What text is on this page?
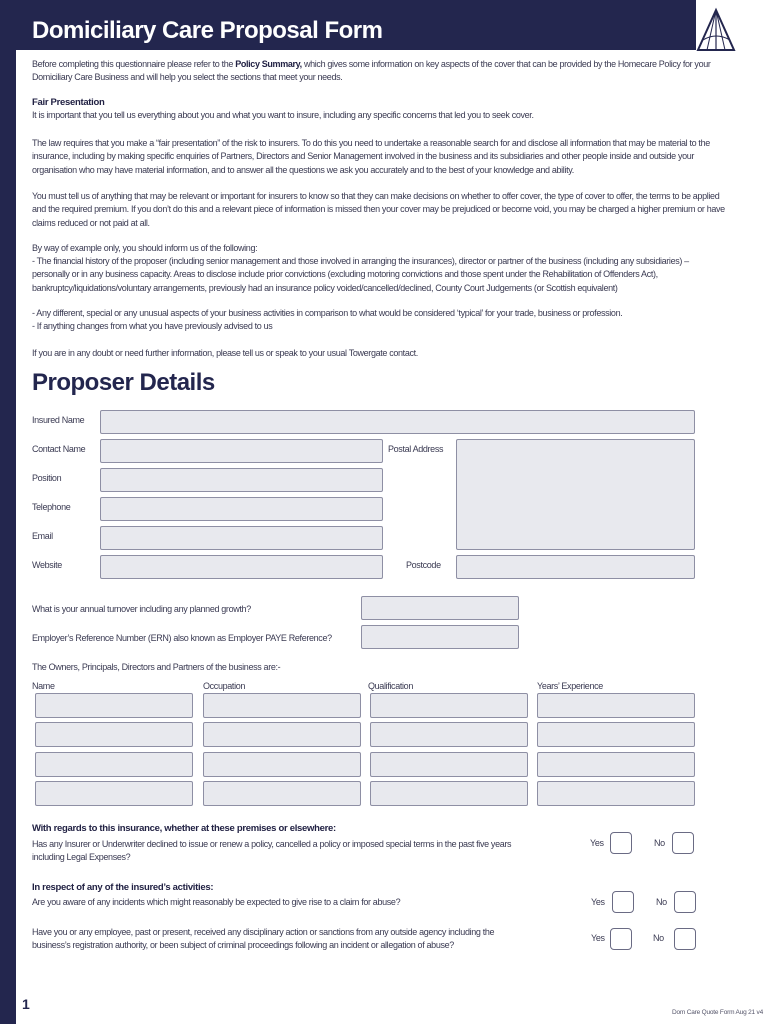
Domiciliary Care Proposal Form
Before completing this questionnaire please refer to the Policy Summary, which gives some information on key aspects of the cover that can be provided by the Homecare Policy for your Domiciliary Care Business and will help you select the sections that meet your needs.
Fair Presentation
It is important that you tell us everything about you and what you want to insure, including any specific concerns that led you to seek cover.
The law requires that you make a “fair presentation” of the risk to insurers. To do this you need to undertake a reasonable search for and disclose all information that may be material to the insurance, including by making specific enquiries of Partners, Directors and Senior Management involved in the business and its subsidiaries and other people inside and outside your organisation who may have material information, and to answer all the questions we ask you accurately and to the best of your knowledge and ability.
You must tell us of anything that may be relevant or important for insurers to know so that they can make decisions on whether to offer cover, the type of cover to offer, the terms to be applied and the required premium. If you don’t do this and a relevant piece of information is missed then your cover may be prejudiced or become void, you may be charged a higher premium or have claims reduced or not paid at all.
By way of example only, you should inform us of the following:
- The financial history of the proposer (including senior management and those involved in arranging the insurances), director or partner of the business (including any subsidiaries) – personally or in any business capacity. Areas to disclose include prior convictions (excluding motoring convictions and those spent under the Rehabilitation of Offenders Act), bankruptcy/liquidations/voluntary arrangements, previously had an insurance policy voided/cancelled/declined, County Court Judgements (or Scottish equivalent)
- Any different, special or any unusual aspects of your business activities in comparison to what would be considered ‘typical’ for your trade, business or profession.
- If anything changes from what you have previously advised to us
If you are in any doubt or need further information, please tell us or speak to your usual Towergate contact.
Proposer Details
Insured Name
Contact Name	Postal Address
Position
Telephone
Email
Website	Postcode
What is your annual turnover including any planned growth?
Employer’s Reference Number (ERN) also known as Employer PAYE Reference?
The Owners, Principals, Directors and Partners of the business are:-
Name	Occupation	Qualification	Years’ Experience
With regards to this insurance, whether at these premises or elsewhere:
Has any Insurer or Underwriter declined to issue or renew a policy, cancelled a policy or imposed special terms in the past five years including Legal Expenses?
Yes	No
In respect of any of the insured’s activities:
Are you aware of any incidents which might reasonably be expected to give rise to a claim for abuse?	Yes	No
Have you or any employee, past or present, received any disciplinary action or sanctions from any outside agency including the business’s registration authority, or been subject of criminal proceedings following an incident or allegation of abuse?
Yes	No
1
Dom Care Quote Form Aug 21 v4
